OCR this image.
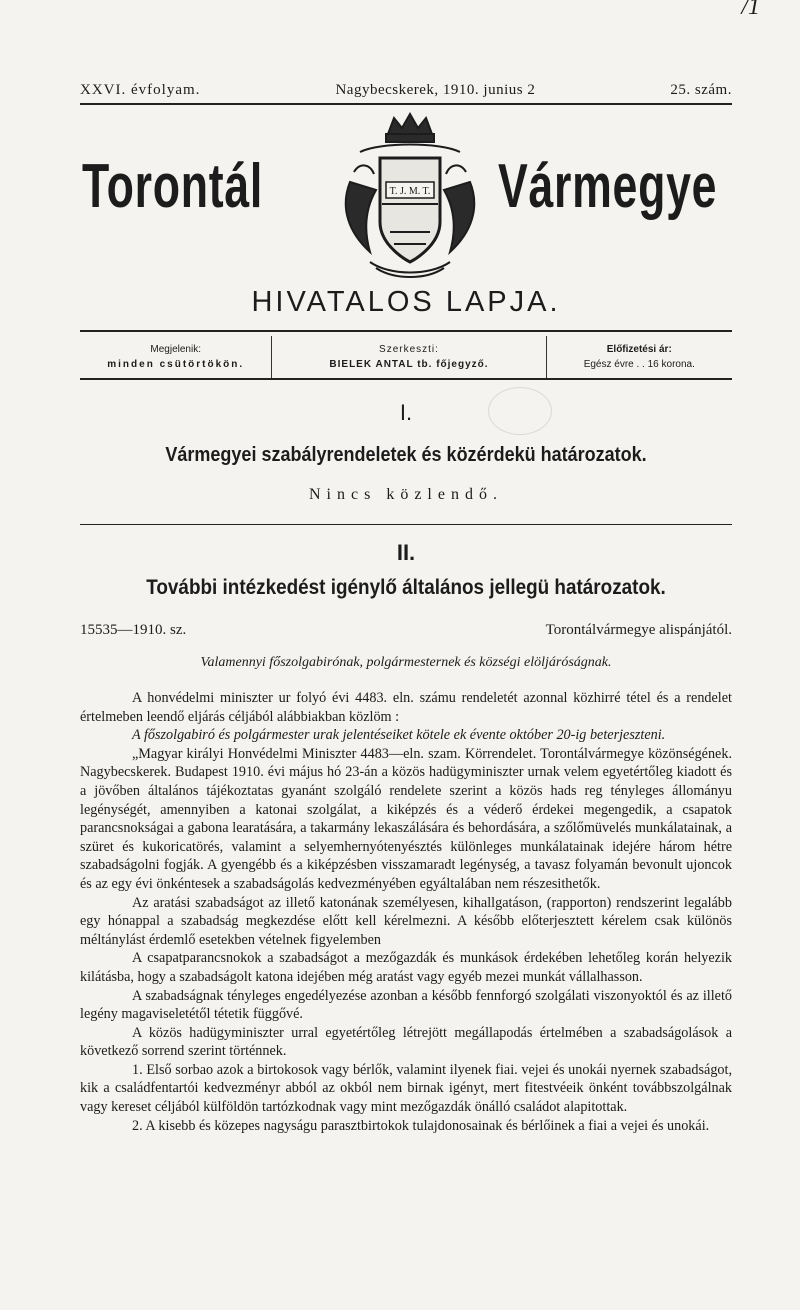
/1
XXVI. évfolyam.	Nagybecskerek, 1910. junius 2	25. szám.
Torontál	T. J. M. T. Vármegye
HIVATALOS LAPJA.
Megjelenik:
minden csütörtökön.
Szerkeszti:
BIELEK ANTAL tb. főjegyző.
Előfizetési ár:
Egész évre . . 16 korona.
I.
Vármegyei szabályrendeletek és közérdekü határozatok.
Nincs közlendő.
II.
További intézkedést igénylő általános jellegü határozatok.
15535—1910. sz.	Torontálvármegye alispánjától.
Valamennyi főszolgabirónak, polgármesternek és községi elöljáróságnak.

A honvédelmi miniszter ur folyó évi 4483. eln. számu rendeletét azonnal közhirré tétel és a rendelet értelmeben leendő eljárás céljából alábbiakban közlöm :

A főszolgabiró és polgármester urak jelentéseiket kötele ek évente október 20-ig beterjeszteni.

„Magyar királyi Honvédelmi Miniszter 4483—eln. szam. Körrendelet. Torontálvármegye közönségének. Nagybecskerek. Budapest 1910. évi május hó 23-án a közös hadügyminiszter urnak velem egyetértőleg kiadott és a jövőben általános tájékoztatas gyanánt szolgáló rendelete szerint a közös hads reg tényleges állományu legénységét, amennyiben a katonai szolgálat, a kiképzés és a véderő érdekei megengedik, a csapatok parancsnokságai a gabona learatására, a takarmány lekaszálására és behordására, a szőlőmüvelés munkálatainak, a szüret és kukoricatörés, valamint a selyemhernyótenyésztés különleges munkálatainak idejére három hétre szabadságolni fogják. A gyengébb és a kiképzésben visszamaradt legénység, a tavasz folyamán bevonult ujoncok és az egy évi önkéntesek a szabadságolás kedvezményében egyáltalában nem részesithetők.

Az aratási szabadságot az illető katonának személyesen, kihallgatáson, (rapporton) rendszerint legalább egy hónappal a szabadság megkezdése előtt kell kérelmezni. A később előterjesztett kérelem csak különös méltánylást érdemlő esetekben vételnek figyelemben

A csapatparancsnokok a szabadságot a mezőgazdák és munkások érdekében lehetőleg korán helyezik kilátásba, hogy a szabadságolt katona idejében még aratást vagy egyéb mezei munkát vállalhasson.

A szabadságnak tényleges engedélyezése azonban a később fennforgó szolgálati viszonyoktól és az illető legény magaviseletétől tétetik függővé.

A közös hadügyminiszter urral egyetértőleg létrejött megállapodás értelmében a szabadságolások a következő sorrend szerint történnek.

1. Első sorbao azok a birtokosok vagy bérlők, valamint ilyenek fiai. vejei és unokái nyernek szabadságot, kik a családfentartói kedvezményr abból az okból nem birnak igényt, mert fitestvéeik önként továbbszolgálnak vagy kereset céljából külföldön tartózkodnak vagy mint mezőgazdák önálló családot alapitottak.

2. A kisebb és közepes nagyságu parasztbirtokok tulajdonosainak és bérlőinek a fiai a vejei és unokái.
